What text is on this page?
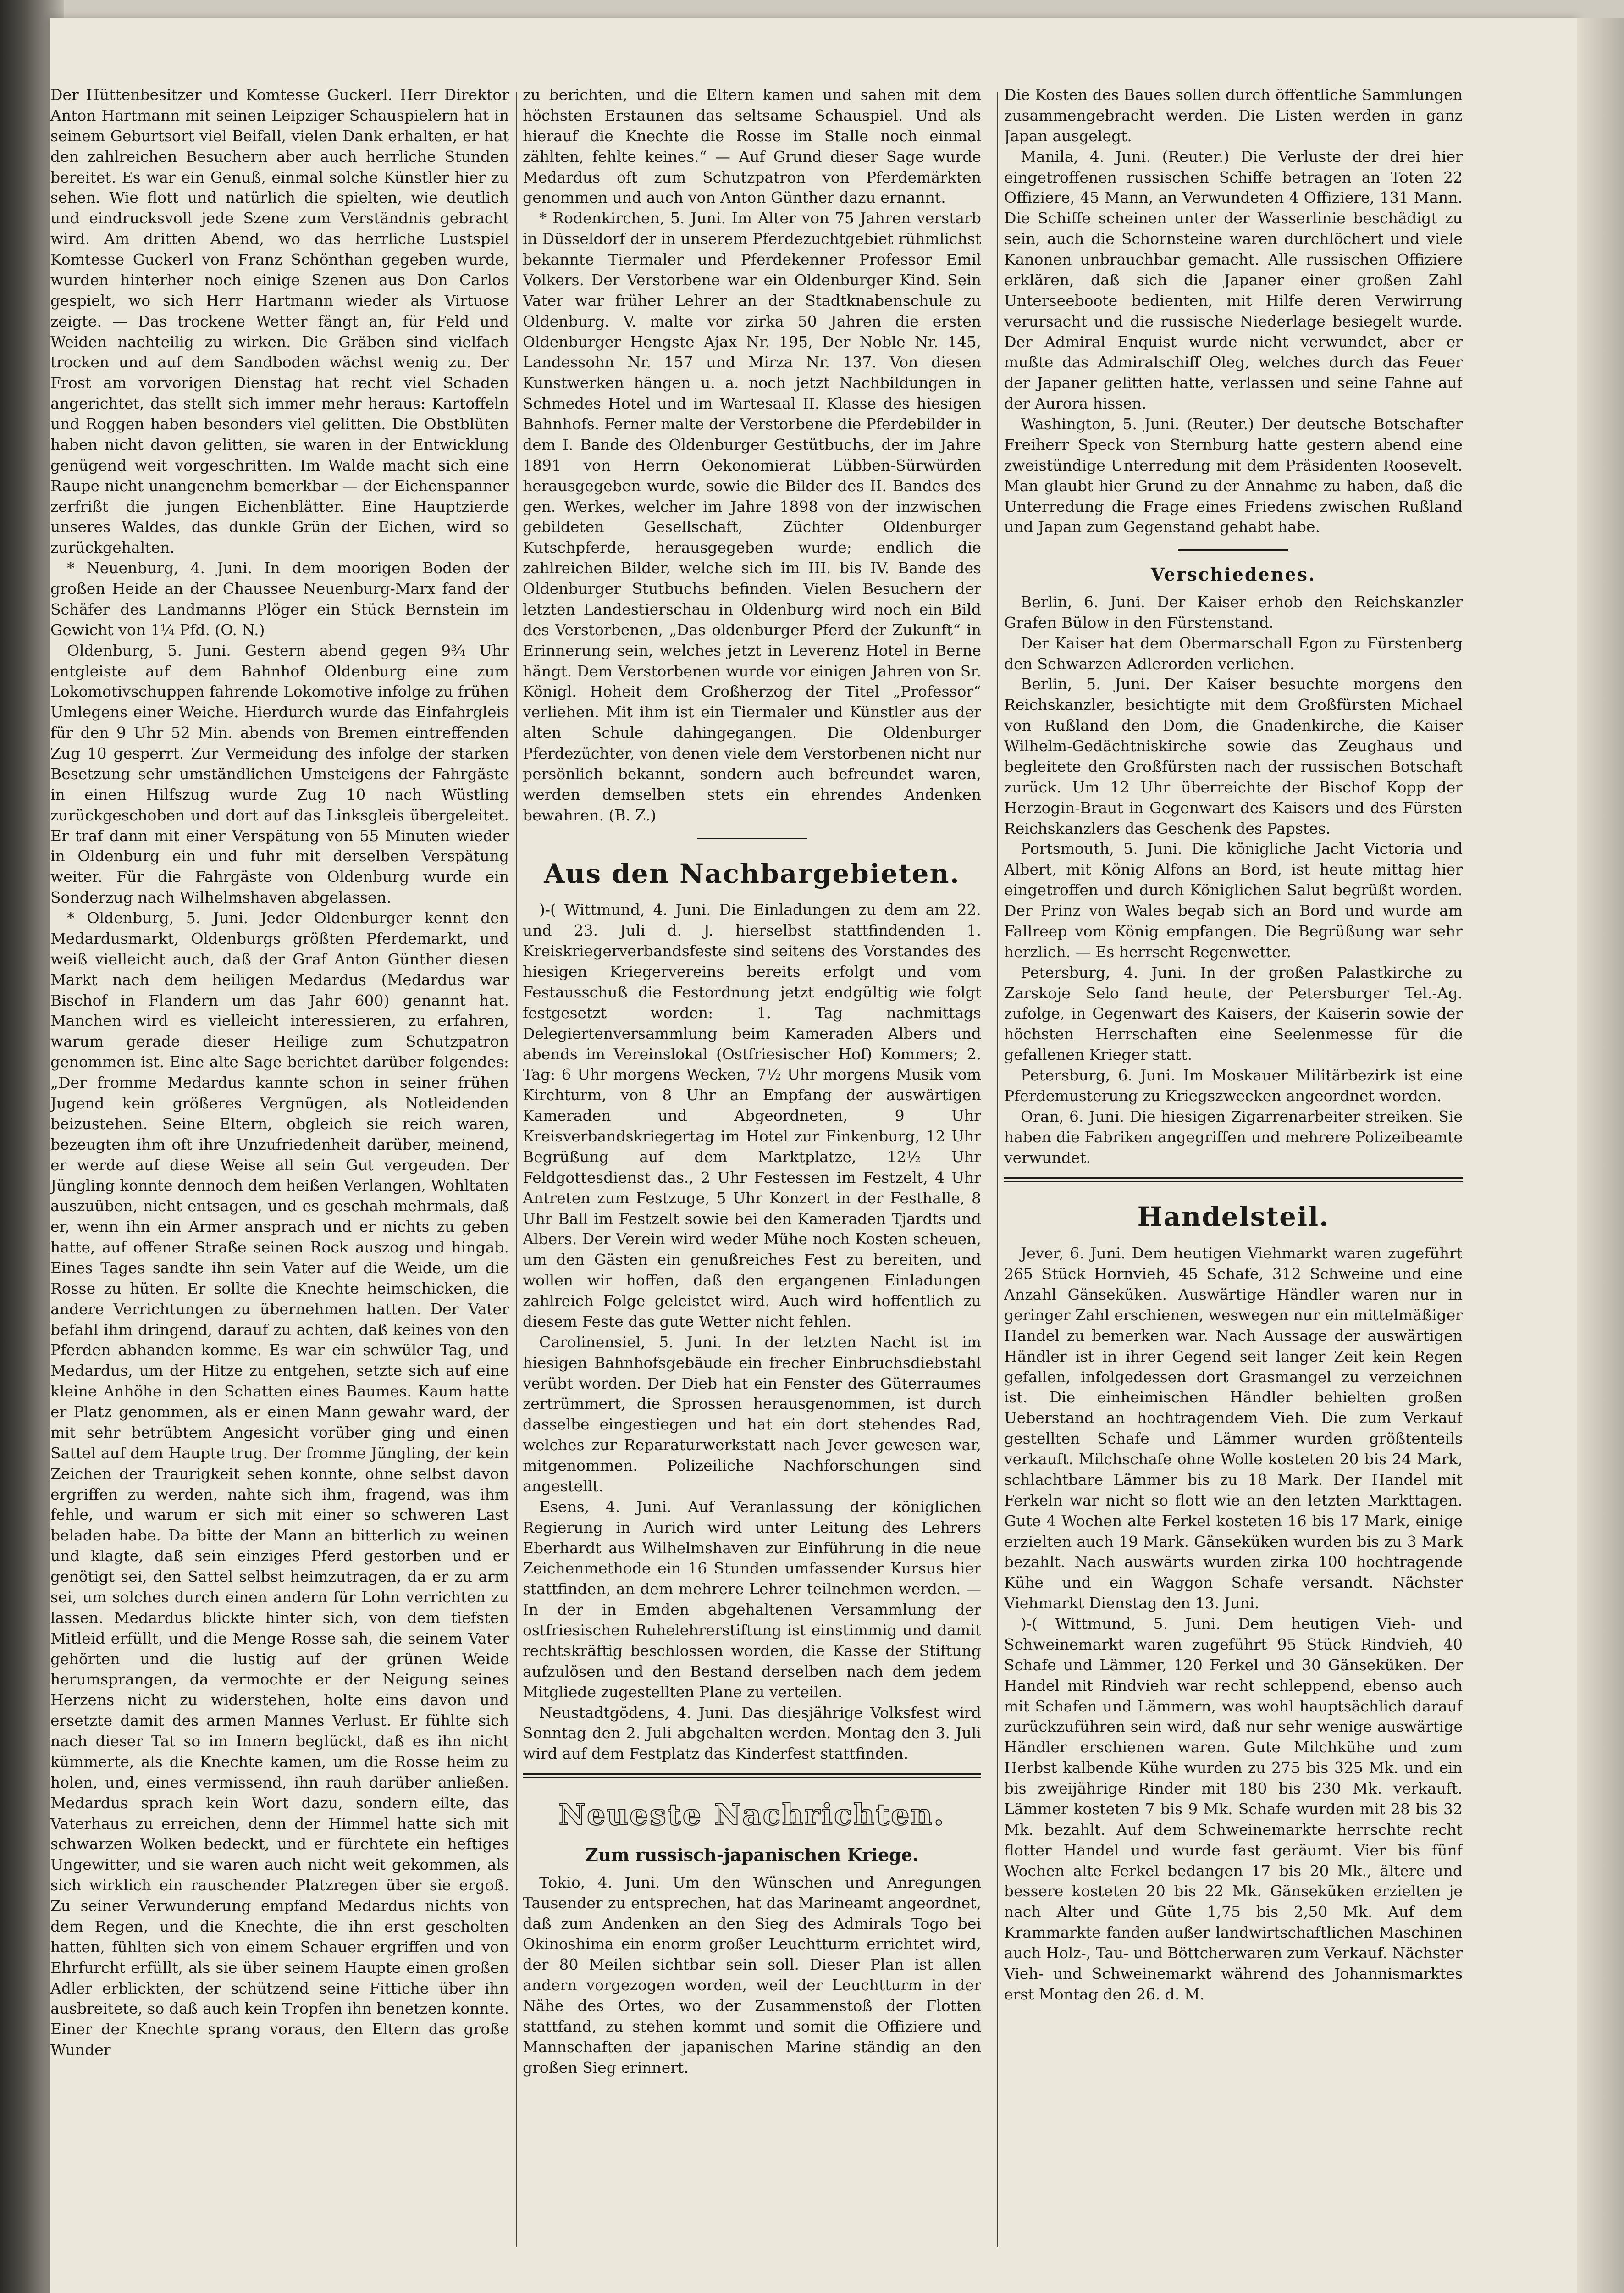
Der Hüttenbesitzer und Komtesse Guckerl. Herr Direktor Anton Hartmann mit seinen Leipziger Schauspielern hat in seinem Geburtsort viel Beifall, vielen Dank erhalten, er hat den zahlreichen Besuchern aber auch herrliche Stunden bereitet. Es war ein Genuß, einmal solche Künstler hier zu sehen. Wie flott und natürlich die spielten, wie deutlich und eindrucksvoll jede Szene zum Verständnis gebracht wird. Am dritten Abend, wo das herrliche Lustspiel Komtesse Guckerl von Franz Schönthan gegeben wurde, wurden hinterher noch einige Szenen aus Don Carlos gespielt, wo sich Herr Hartmann wieder als Virtuose zeigte. — Das trockene Wetter fängt an, für Feld und Weiden nachteilig zu wirken. Die Gräben sind vielfach trocken und auf dem Sandboden wächst wenig zu. Der Frost am vorvorigen Dienstag hat recht viel Schaden angerichtet, das stellt sich immer mehr heraus: Kartoffeln und Roggen haben besonders viel gelitten. Die Obstblüten haben nicht davon gelitten, sie waren in der Entwicklung genügend weit vorgeschritten. Im Walde macht sich eine Raupe nicht unangenehm bemerkbar — der Eichenspanner zerfrißt die jungen Eichenblätter. Eine Hauptzierde unseres Waldes, das dunkle Grün der Eichen, wird so zurückgehalten.

* Neuenburg, 4. Juni. In dem moorigen Boden der großen Heide an der Chaussee Neuenburg-Marx fand der Schäfer des Landmanns Plöger ein Stück Bernstein im Gewicht von 1¼ Pfd. (O. N.)

Oldenburg, 5. Juni. Gestern abend gegen 9¾ Uhr entgleiste auf dem Bahnhof Oldenburg eine zum Lokomotivschuppen fahrende Lokomotive infolge zu frühen Umlegens einer Weiche. Hierdurch wurde das Einfahrgleis für den 9 Uhr 52 Min. abends von Bremen eintreffenden Zug 10 gesperrt. Zur Vermeidung des infolge der starken Besetzung sehr umständlichen Umsteigens der Fahrgäste in einen Hilfszug wurde Zug 10 nach Wüstling zurückgeschoben und dort auf das Linksgleis übergeleitet. Er traf dann mit einer Verspätung von 55 Minuten wieder in Oldenburg ein und fuhr mit derselben Verspätung weiter. Für die Fahrgäste von Oldenburg wurde ein Sonderzug nach Wilhelmshaven abgelassen.

* Oldenburg, 5. Juni. Jeder Oldenburger kennt den Medardusmarkt, Oldenburgs größten Pferdemarkt, und weiß vielleicht auch, daß der Graf Anton Günther diesen Markt nach dem heiligen Medardus (Medardus war Bischof in Flandern um das Jahr 600) genannt hat. Manchen wird es vielleicht interessieren, zu erfahren, warum gerade dieser Heilige zum Schutzpatron genommen ist. Eine alte Sage berichtet darüber folgendes: „Der fromme Medardus kannte schon in seiner frühen Jugend kein größeres Vergnügen, als Notleidenden beizustehen. Seine Eltern, obgleich sie reich waren, bezeugten ihm oft ihre Unzufriedenheit darüber, meinend, er werde auf diese Weise all sein Gut vergeuden. Der Jüngling konnte dennoch dem heißen Verlangen, Wohltaten auszuüben, nicht entsagen, und es geschah mehrmals, daß er, wenn ihn ein Armer ansprach und er nichts zu geben hatte, auf offener Straße seinen Rock auszog und hingab. Eines Tages sandte ihn sein Vater auf die Weide, um die Rosse zu hüten. Er sollte die Knechte heimschicken, die andere Verrichtungen zu übernehmen hatten. Der Vater befahl ihm dringend, darauf zu achten, daß keines von den Pferden abhanden komme. Es war ein schwüler Tag, und Medardus, um der Hitze zu entgehen, setzte sich auf eine kleine Anhöhe in den Schatten eines Baumes. Kaum hatte er Platz genommen, als er einen Mann gewahr ward, der mit sehr betrübtem Angesicht vorüber ging und einen Sattel auf dem Haupte trug. Der fromme Jüngling, der kein Zeichen der Traurigkeit sehen konnte, ohne selbst davon ergriffen zu werden, nahte sich ihm, fragend, was ihm fehle, und warum er sich mit einer so schweren Last beladen habe. Da bitte der Mann an bitterlich zu weinen und klagte, daß sein einziges Pferd gestorben und er genötigt sei, den Sattel selbst heimzutragen, da er zu arm sei, um solches durch einen andern für Lohn verrichten zu lassen. Medardus blickte hinter sich, von dem tiefsten Mitleid erfüllt, und die Menge Rosse sah, die seinem Vater gehörten und die lustig auf der grünen Weide herumsprangen, da vermochte er der Neigung seines Herzens nicht zu widerstehen, holte eins davon und ersetzte damit des armen Mannes Verlust. Er fühlte sich nach dieser Tat so im Innern beglückt, daß es ihn nicht kümmerte, als die Knechte kamen, um die Rosse heim zu holen, und, eines vermissend, ihn rauh darüber anließen. Medardus sprach kein Wort dazu, sondern eilte, das Vaterhaus zu erreichen, denn der Himmel hatte sich mit schwarzen Wolken bedeckt, und er fürchtete ein heftiges Ungewitter, und sie waren auch nicht weit gekommen, als sich wirklich ein rauschender Platzregen über sie ergoß. Zu seiner Verwunderung empfand Medardus nichts von dem Regen, und die Knechte, die ihn erst gescholten hatten, fühlten sich von einem Schauer ergriffen und von Ehrfurcht erfüllt, als sie über seinem Haupte einen großen Adler erblickten, der schützend seine Fittiche über ihn ausbreitete, so daß auch kein Tropfen ihn benetzen konnte. Einer der Knechte sprang voraus, den Eltern das große Wunder

zu berichten, und die Eltern kamen und sahen mit dem höchsten Erstaunen das seltsame Schauspiel. Und als hierauf die Knechte die Rosse im Stalle noch einmal zählten, fehlte keines.“ — Auf Grund dieser Sage wurde Medardus oft zum Schutzpatron von Pferdemärkten genommen und auch von Anton Günther dazu ernannt.

* Rodenkirchen, 5. Juni. Im Alter von 75 Jahren verstarb in Düsseldorf der in unserem Pferdezuchtgebiet rühmlichst bekannte Tiermaler und Pferdekenner Professor Emil Volkers. Der Verstorbene war ein Oldenburger Kind. Sein Vater war früher Lehrer an der Stadtknabenschule zu Oldenburg. V. malte vor zirka 50 Jahren die ersten Oldenburger Hengste Ajax Nr. 195, Der Noble Nr. 145, Landessohn Nr. 157 und Mirza Nr. 137. Von diesen Kunstwerken hängen u. a. noch jetzt Nachbildungen in Schmedes Hotel und im Wartesaal II. Klasse des hiesigen Bahnhofs. Ferner malte der Verstorbene die Pferdebilder in dem I. Bande des Oldenburger Gestütbuchs, der im Jahre 1891 von Herrn Oekonomierat Lübben-Sürwürden herausgegeben wurde, sowie die Bilder des II. Bandes des gen. Werkes, welcher im Jahre 1898 von der inzwischen gebildeten Gesellschaft, Züchter Oldenburger Kutschpferde, herausgegeben wurde; endlich die zahlreichen Bilder, welche sich im III. bis IV. Bande des Oldenburger Stutbuchs befinden. Vielen Besuchern der letzten Landestierschau in Oldenburg wird noch ein Bild des Verstorbenen, „Das oldenburger Pferd der Zukunft“ in Erinnerung sein, welches jetzt in Leverenz Hotel in Berne hängt. Dem Verstorbenen wurde vor einigen Jahren von Sr. Königl. Hoheit dem Großherzog der Titel „Professor“ verliehen. Mit ihm ist ein Tiermaler und Künstler aus der alten Schule dahingegangen. Die Oldenburger Pferdezüchter, von denen viele dem Verstorbenen nicht nur persönlich bekannt, sondern auch befreundet waren, werden demselben stets ein ehrendes Andenken bewahren. (B. Z.)

Aus den Nachbargebieten.

)-( Wittmund, 4. Juni. Die Einladungen zu dem am 22. und 23. Juli d. J. hierselbst stattfindenden 1. Kreiskriegerverbandsfeste sind seitens des Vorstandes des hiesigen Kriegervereins bereits erfolgt und vom Festausschuß die Festordnung jetzt endgültig wie folgt festgesetzt worden: 1. Tag nachmittags Delegiertenversammlung beim Kameraden Albers und abends im Vereinslokal (Ostfriesischer Hof) Kommers; 2. Tag: 6 Uhr morgens Wecken, 7½ Uhr morgens Musik vom Kirchturm, von 8 Uhr an Empfang der auswärtigen Kameraden und Abgeordneten, 9 Uhr Kreisverbandskriegertag im Hotel zur Finkenburg, 12 Uhr Begrüßung auf dem Marktplatze, 12½ Uhr Feldgottesdienst das., 2 Uhr Festessen im Festzelt, 4 Uhr Antreten zum Festzuge, 5 Uhr Konzert in der Festhalle, 8 Uhr Ball im Festzelt sowie bei den Kameraden Tjardts und Albers. Der Verein wird weder Mühe noch Kosten scheuen, um den Gästen ein genußreiches Fest zu bereiten, und wollen wir hoffen, daß den ergangenen Einladungen zahlreich Folge geleistet wird. Auch wird hoffentlich zu diesem Feste das gute Wetter nicht fehlen.

Carolinensiel, 5. Juni. In der letzten Nacht ist im hiesigen Bahnhofsgebäude ein frecher Einbruchsdiebstahl verübt worden. Der Dieb hat ein Fenster des Güterraumes zertrümmert, die Sprossen herausgenommen, ist durch dasselbe eingestiegen und hat ein dort stehendes Rad, welches zur Reparaturwerkstatt nach Jever gewesen war, mitgenommen. Polizeiliche Nachforschungen sind angestellt.

Esens, 4. Juni. Auf Veranlassung der königlichen Regierung in Aurich wird unter Leitung des Lehrers Eberhardt aus Wilhelmshaven zur Einführung in die neue Zeichenmethode ein 16 Stunden umfassender Kursus hier stattfinden, an dem mehrere Lehrer teilnehmen werden. — In der in Emden abgehaltenen Versammlung der ostfriesischen Ruhelehrerstiftung ist einstimmig und damit rechtskräftig beschlossen worden, die Kasse der Stiftung aufzulösen und den Bestand derselben nach dem jedem Mitgliede zugestellten Plane zu verteilen.

Neustadtgödens, 4. Juni. Das diesjährige Volksfest wird Sonntag den 2. Juli abgehalten werden. Montag den 3. Juli wird auf dem Festplatz das Kinderfest stattfinden.

Neueste Nachrichten.
Zum russisch-japanischen Kriege.

Tokio, 4. Juni. Um den Wünschen und Anregungen Tausender zu entsprechen, hat das Marineamt angeordnet, daß zum Andenken an den Sieg des Admirals Togo bei Okinoshima ein enorm großer Leuchtturm errichtet wird, der 80 Meilen sichtbar sein soll. Dieser Plan ist allen andern vorgezogen worden, weil der Leuchtturm in der Nähe des Ortes, wo der Zusammenstoß der Flotten stattfand, zu stehen kommt und somit die Offiziere und Mannschaften der japanischen Marine ständig an den großen Sieg erinnert.

Die Kosten des Baues sollen durch öffentliche Sammlungen zusammengebracht werden. Die Listen werden in ganz Japan ausgelegt.

Manila, 4. Juni. (Reuter.) Die Verluste der drei hier eingetroffenen russischen Schiffe betragen an Toten 22 Offiziere, 45 Mann, an Verwundeten 4 Offiziere, 131 Mann. Die Schiffe scheinen unter der Wasserlinie beschädigt zu sein, auch die Schornsteine waren durchlöchert und viele Kanonen unbrauchbar gemacht. Alle russischen Offiziere erklären, daß sich die Japaner einer großen Zahl Unterseeboote bedienten, mit Hilfe deren Verwirrung verursacht und die russische Niederlage besiegelt wurde. Der Admiral Enquist wurde nicht verwundet, aber er mußte das Admiralschiff Oleg, welches durch das Feuer der Japaner gelitten hatte, verlassen und seine Fahne auf der Aurora hissen.

Washington, 5. Juni. (Reuter.) Der deutsche Botschafter Freiherr Speck von Sternburg hatte gestern abend eine zweistündige Unterredung mit dem Präsidenten Roosevelt. Man glaubt hier Grund zu der Annahme zu haben, daß die Unterredung die Frage eines Friedens zwischen Rußland und Japan zum Gegenstand gehabt habe.

Verschiedenes.

Berlin, 6. Juni. Der Kaiser erhob den Reichskanzler Grafen Bülow in den Fürstenstand.

Der Kaiser hat dem Obermarschall Egon zu Fürstenberg den Schwarzen Adlerorden verliehen.

Berlin, 5. Juni. Der Kaiser besuchte morgens den Reichskanzler, besichtigte mit dem Großfürsten Michael von Rußland den Dom, die Gnadenkirche, die Kaiser Wilhelm-Gedächtniskirche sowie das Zeughaus und begleitete den Großfürsten nach der russischen Botschaft zurück. Um 12 Uhr überreichte der Bischof Kopp der Herzogin-Braut in Gegenwart des Kaisers und des Fürsten Reichskanzlers das Geschenk des Papstes.

Portsmouth, 5. Juni. Die königliche Jacht Victoria und Albert, mit König Alfons an Bord, ist heute mittag hier eingetroffen und durch Königlichen Salut begrüßt worden. Der Prinz von Wales begab sich an Bord und wurde am Fallreep vom König empfangen. Die Begrüßung war sehr herzlich. — Es herrscht Regenwetter.

Petersburg, 4. Juni. In der großen Palastkirche zu Zarskoje Selo fand heute, der Petersburger Tel.-Ag. zufolge, in Gegenwart des Kaisers, der Kaiserin sowie der höchsten Herrschaften eine Seelenmesse für die gefallenen Krieger statt.

Petersburg, 6. Juni. Im Moskauer Militärbezirk ist eine Pferdemusterung zu Kriegszwecken angeordnet worden.

Oran, 6. Juni. Die hiesigen Zigarrenarbeiter streiken. Sie haben die Fabriken angegriffen und mehrere Polizeibeamte verwundet.

Handelsteil.

Jever, 6. Juni. Dem heutigen Viehmarkt waren zugeführt 265 Stück Hornvieh, 45 Schafe, 312 Schweine und eine Anzahl Gänseküken. Auswärtige Händler waren nur in geringer Zahl erschienen, weswegen nur ein mittelmäßiger Handel zu bemerken war. Nach Aussage der auswärtigen Händler ist in ihrer Gegend seit langer Zeit kein Regen gefallen, infolgedessen dort Grasmangel zu verzeichnen ist. Die einheimischen Händler behielten großen Ueberstand an hochtragendem Vieh. Die zum Verkauf gestellten Schafe und Lämmer wurden größtenteils verkauft. Milchschafe ohne Wolle kosteten 20 bis 24 Mark, schlachtbare Lämmer bis zu 18 Mark. Der Handel mit Ferkeln war nicht so flott wie an den letzten Markttagen. Gute 4 Wochen alte Ferkel kosteten 16 bis 17 Mark, einige erzielten auch 19 Mark. Gänseküken wurden bis zu 3 Mark bezahlt. Nach auswärts wurden zirka 100 hochtragende Kühe und ein Waggon Schafe versandt. Nächster Viehmarkt Dienstag den 13. Juni.

)-( Wittmund, 5. Juni. Dem heutigen Vieh- und Schweinemarkt waren zugeführt 95 Stück Rindvieh, 40 Schafe und Lämmer, 120 Ferkel und 30 Gänseküken. Der Handel mit Rindvieh war recht schleppend, ebenso auch mit Schafen und Lämmern, was wohl hauptsächlich darauf zurückzuführen sein wird, daß nur sehr wenige auswärtige Händler erschienen waren. Gute Milchkühe und zum Herbst kalbende Kühe wurden zu 275 bis 325 Mk. und ein bis zweijährige Rinder mit 180 bis 230 Mk. verkauft. Lämmer kosteten 7 bis 9 Mk. Schafe wurden mit 28 bis 32 Mk. bezahlt. Auf dem Schweinemarkte herrschte recht flotter Handel und wurde fast geräumt. Vier bis fünf Wochen alte Ferkel bedangen 17 bis 20 Mk., ältere und bessere kosteten 20 bis 22 Mk. Gänseküken erzielten je nach Alter und Güte 1,75 bis 2,50 Mk. Auf dem Krammarkte fanden außer landwirtschaftlichen Maschinen auch Holz-, Tau- und Böttcherwaren zum Verkauf. Nächster Vieh- und Schweinemarkt während des Johannismarktes erst Montag den 26. d. M.
